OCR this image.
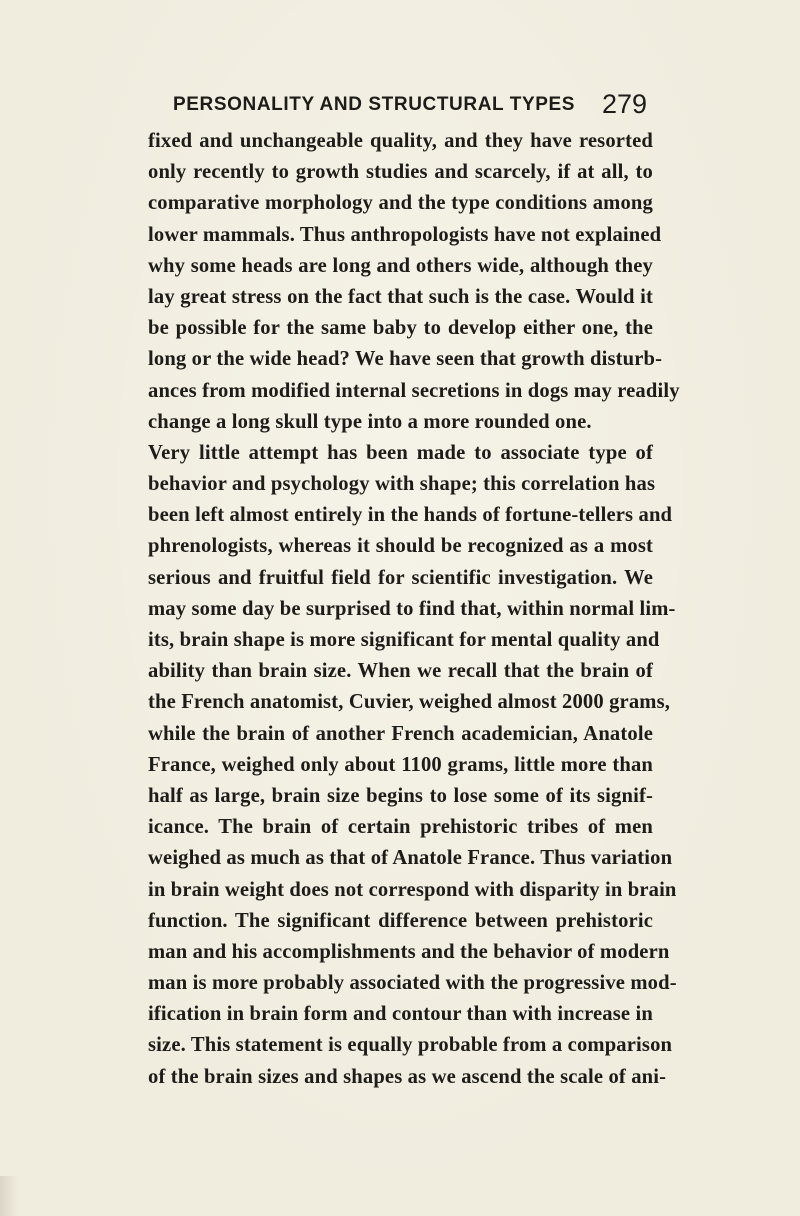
PERSONALITY AND STRUCTURAL TYPES 279
fixed and unchangeable quality, and they have resorted
only recently to growth studies and scarcely, if at all, to
comparative morphology and the type conditions among
lower mammals. Thus anthropologists have not explained
why some heads are long and others wide, although they
lay great stress on the fact that such is the case. Would it
be possible for the same baby to develop either one, the
long or the wide head? We have seen that growth disturb-
ances from modified internal secretions in dogs may readily
change a long skull type into a more rounded one.
Very little attempt has been made to associate type of
behavior and psychology with shape; this correlation has
been left almost entirely in the hands of fortune-tellers and
phrenologists, whereas it should be recognized as a most
serious and fruitful field for scientific investigation. We
may some day be surprised to find that, within normal lim-
its, brain shape is more significant for mental quality and
ability than brain size. When we recall that the brain of
the French anatomist, Cuvier, weighed almost 2000 grams,
while the brain of another French academician, Anatole
France, weighed only about 1100 grams, little more than
half as large, brain size begins to lose some of its signif-
icance. The brain of certain prehistoric tribes of men
weighed as much as that of Anatole France. Thus variation
in brain weight does not correspond with disparity in brain
function. The significant difference between prehistoric
man and his accomplishments and the behavior of modern
man is more probably associated with the progressive mod-
ification in brain form and contour than with increase in
size. This statement is equally probable from a comparison
of the brain sizes and shapes as we ascend the scale of ani-
